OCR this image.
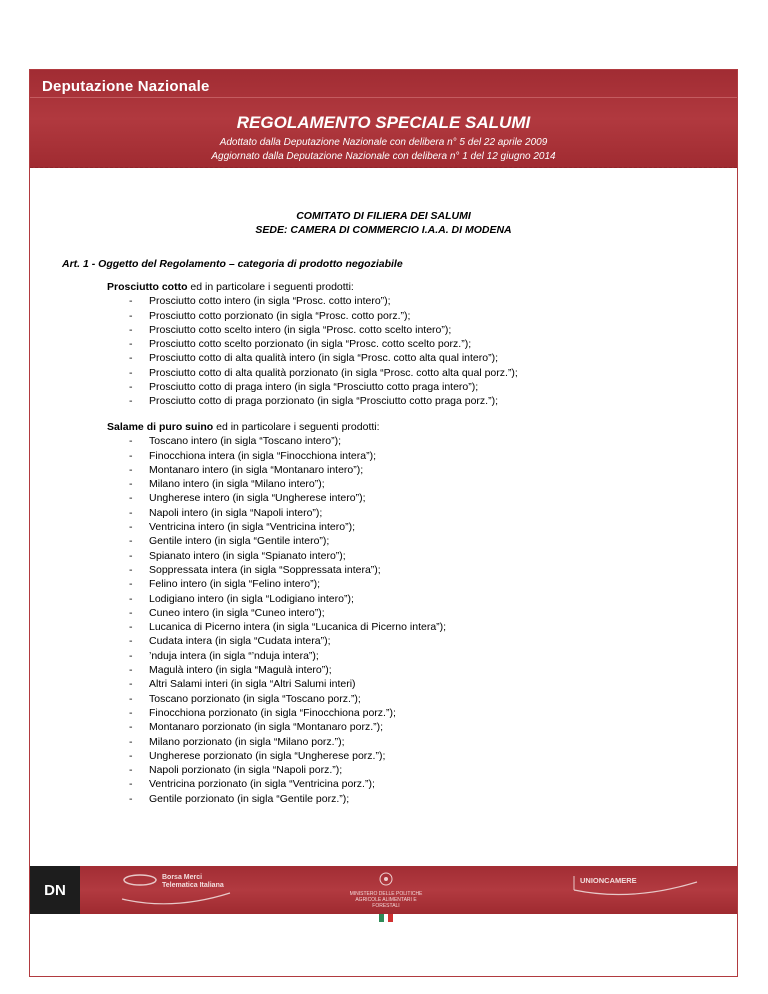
Deputazione Nazionale
REGOLAMENTO SPECIALE SALUMI
Adottato dalla Deputazione Nazionale con delibera n° 5 del 22 aprile 2009
Aggiornato dalla Deputazione Nazionale con delibera n° 1 del 12 giugno 2014
COMITATO DI FILIERA DEI SALUMI
SEDE: CAMERA DI COMMERCIO I.A.A. DI MODENA
Art. 1 - Oggetto del Regolamento – categoria di prodotto negoziabile
Prosciutto cotto ed in particolare i seguenti prodotti:
- Prosciutto cotto intero (in sigla “Prosc. cotto intero”);
- Prosciutto cotto porzionato (in sigla “Prosc. cotto porz.”);
- Prosciutto cotto scelto intero (in sigla “Prosc. cotto scelto intero”);
- Prosciutto cotto scelto porzionato (in sigla “Prosc. cotto scelto porz.”);
- Prosciutto cotto di alta qualità intero (in sigla “Prosc. cotto alta qual intero”);
- Prosciutto cotto di alta qualità porzionato (in sigla “Prosc. cotto alta qual porz.”);
- Prosciutto cotto di praga intero (in sigla “Prosciutto cotto praga intero”);
- Prosciutto cotto di praga porzionato (in sigla “Prosciutto cotto praga porz.”);
Salame di puro suino ed in particolare i seguenti prodotti:
- Toscano intero (in sigla “Toscano intero”);
- Finocchiona intera (in sigla “Finocchiona intera”);
- Montanaro intero (in sigla “Montanaro intero”);
- Milano intero (in sigla “Milano intero”);
- Ungherese intero (in sigla “Ungherese intero”);
- Napoli intero (in sigla “Napoli intero”);
- Ventricina intero (in sigla “Ventricina intero”);
- Gentile intero (in sigla “Gentile intero”);
- Spianato intero (in sigla “Spianato intero”);
- Soppressata intera (in sigla “Soppressata intera”);
- Felino intero (in sigla “Felino intero”);
- Lodigiano intero (in sigla “Lodigiano intero”);
- Cuneo intero (in sigla “Cuneo intero”);
- Lucanica di Picerno intera (in sigla “Lucanica di Picerno intera”);
- Cudata intera (in sigla “Cudata intera”);
- ’nduja intera (in sigla “’nduja intera”);
- Magulà intero (in sigla “Magulà intero”);
- Altri Salami interi (in sigla “Altri Salumi interi)
- Toscano porzionato (in sigla “Toscano porz.”);
- Finocchiona porzionato (in sigla “Finocchiona porz.”);
- Montanaro porzionato (in sigla “Montanaro porz.”);
- Milano porzionato (in sigla “Milano porz.”);
- Ungherese porzionato (in sigla “Ungherese porz.”);
- Napoli porzionato (in sigla “Napoli porz.”);
- Ventricina porzionato (in sigla “Ventricina porz.”);
- Gentile porzionato (in sigla “Gentile porz.”);
DN
Borsa Merci
Telematica Italiana
MINISTERO DELLE POLITICHE AGRICOLE ALIMENTARI E FORESTALI
UNIONCAMERE
